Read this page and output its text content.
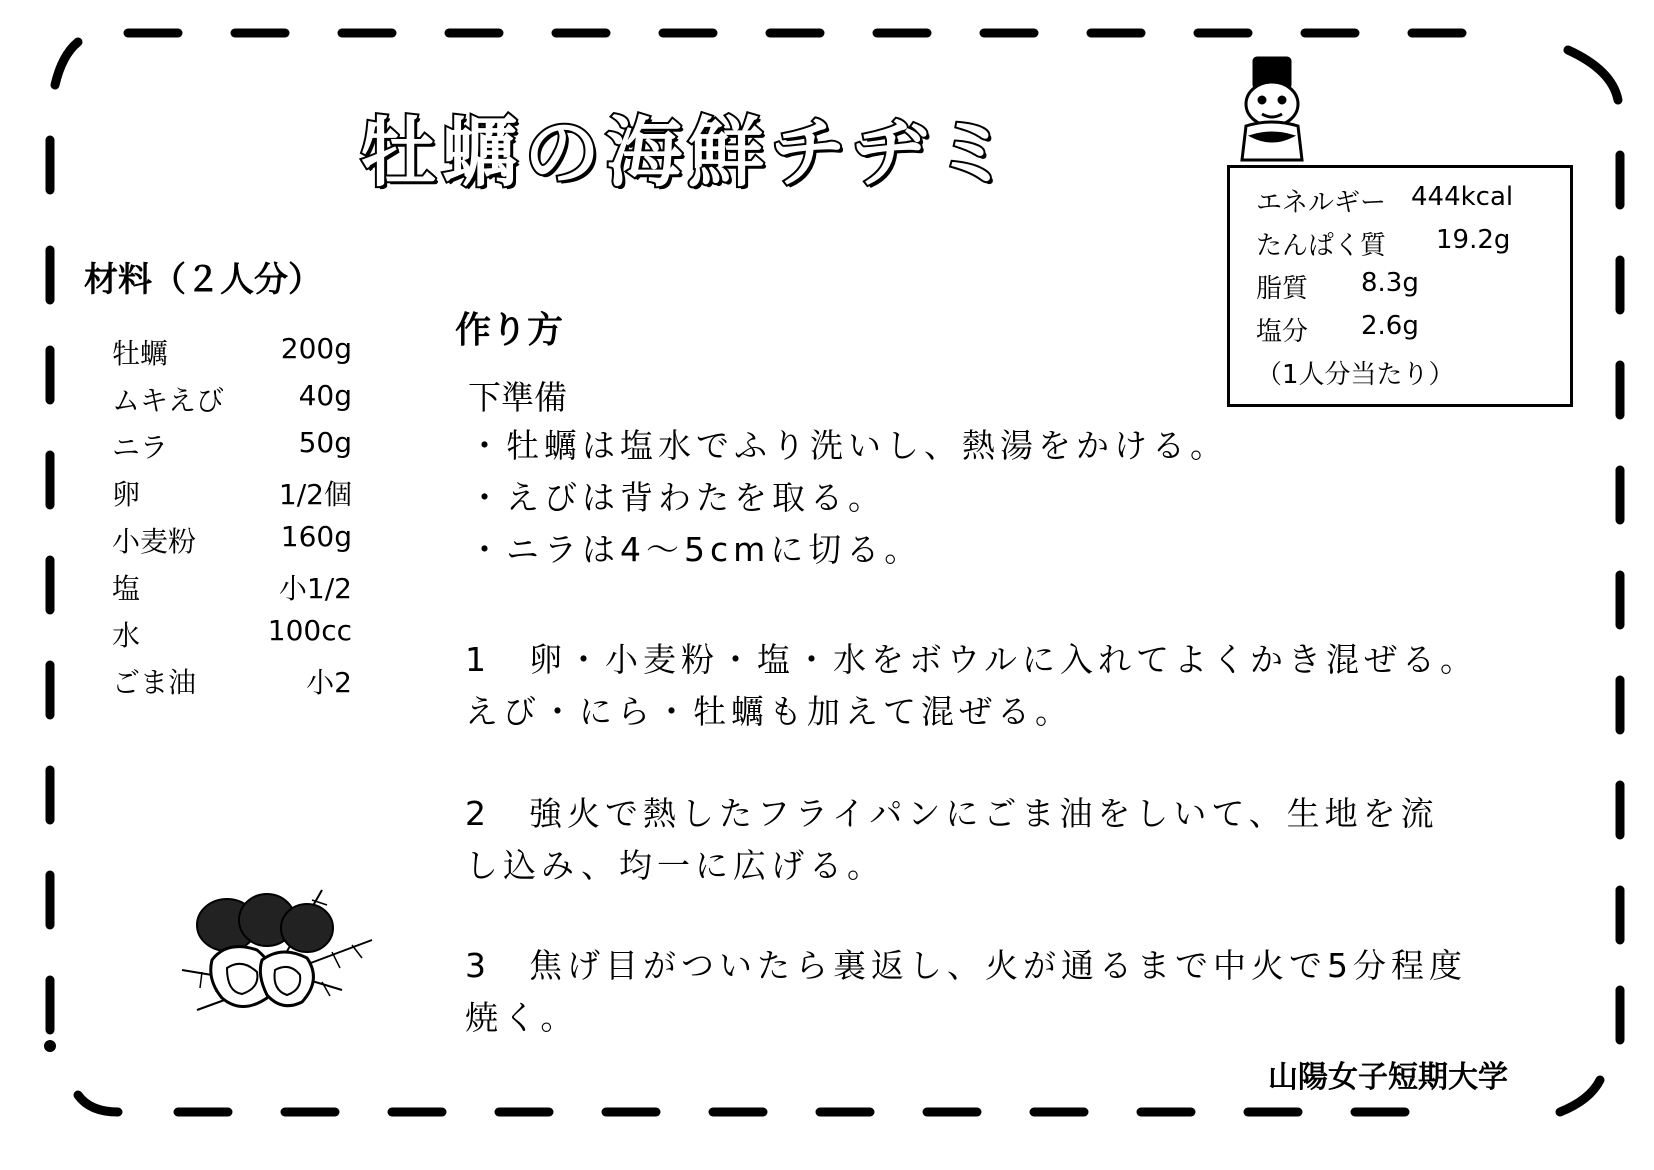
牡蠣の海鮮チヂミ
エネルギー 444kcal
たんぱく質 19.2g
脂質 8.3g
塩分 2.6g
（1人分当たり）
材料（２人分）
牡蠣	200g
ムキえび	40g
ニラ	50g
卵	1/2個
小麦粉	160g
塩	小1/2
水	100cc
ごま油	小2
作り方
下準備
・牡蠣は塩水でふり洗いし、熱湯をかける。
・えびは背わたを取る。
・ニラは4～5cmに切る。
1　卵・小麦粉・塩・水をボウルに入れてよくかき混ぜる。
えび・にら・牡蠣も加えて混ぜる。
2　強火で熱したフライパンにごま油をしいて、生地を流
し込み、均一に広げる。
3　焦げ目がついたら裏返し、火が通るまで中火で5分程度
焼く。
山陽女子短期大学
